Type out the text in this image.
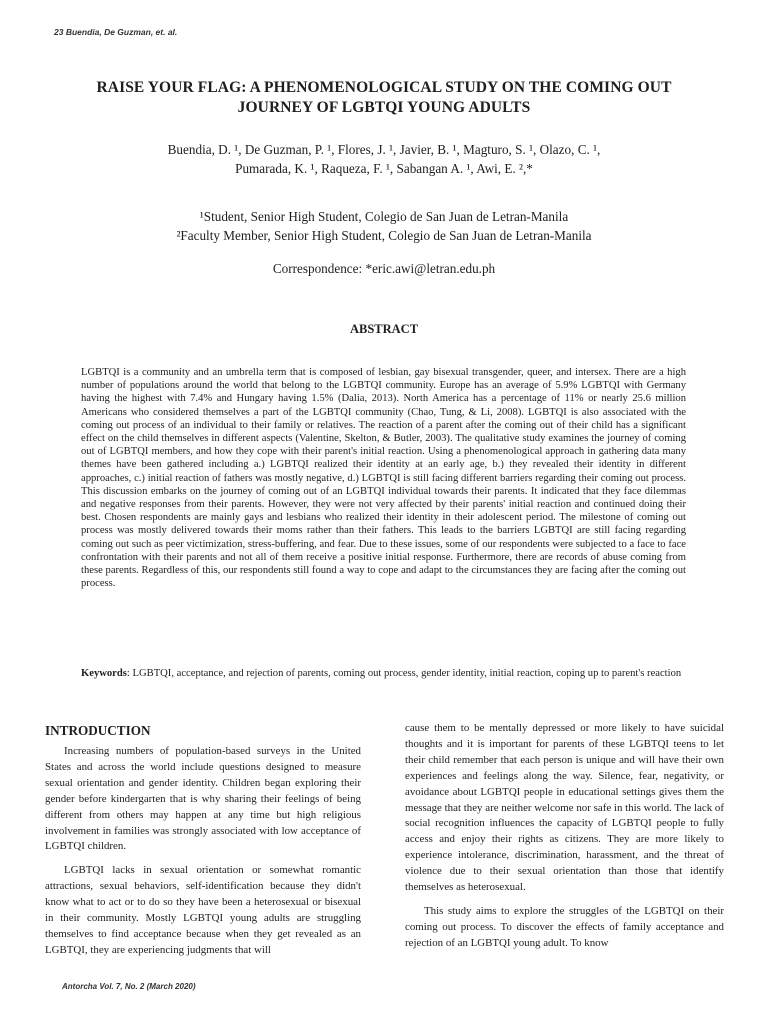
23 Buendia, De Guzman, et. al.
RAISE YOUR FLAG: A PHENOMENOLOGICAL STUDY ON THE COMING OUT
JOURNEY OF LGBTQI YOUNG ADULTS
Buendia, D. ¹, De Guzman, P. ¹, Flores, J. ¹, Javier, B. ¹, Magturo, S. ¹, Olazo, C. ¹,
Pumarada, K. ¹, Raqueza, F. ¹, Sabangan A. ¹, Awi, E. ²,*
¹Student, Senior High Student, Colegio de San Juan de Letran-Manila
²Faculty Member, Senior High Student, Colegio de San Juan de Letran-Manila
Correspondence: *eric.awi@letran.edu.ph
ABSTRACT
LGBTQI is a community and an umbrella term that is composed of lesbian, gay bisexual transgender, queer, and intersex. There are a high number of populations around the world that belong to the LGBTQI community. Europe has an average of 5.9% LGBTQI with Germany having the highest with 7.4% and Hungary having 1.5% (Dalia, 2013). North America has a percentage of 11% or nearly 25.6 million Americans who considered themselves a part of the LGBTQI community (Chao, Tung, & Li, 2008). LGBTQI is also associated with the coming out process of an individual to their family or relatives. The reaction of a parent after the coming out of their child has a significant effect on the child themselves in different aspects (Valentine, Skelton, & Butler, 2003). The qualitative study examines the journey of coming out of LGBTQI members, and how they cope with their parent's initial reaction. Using a phenomenological approach in gathering data many themes have been gathered including a.) LGBTQI realized their identity at an early age, b.) they revealed their identity in different approaches, c.) initial reaction of fathers was mostly negative, d.) LGBTQI is still facing different barriers regarding their coming out process. This discussion embarks on the journey of coming out of an LGBTQI individual towards their parents. It indicated that they face dilemmas and negative responses from their parents. However, they were not very affected by their parents' initial reaction and continued doing their best. Chosen respondents are mainly gays and lesbians who realized their identity in their adolescent period. The milestone of coming out process was mostly delivered towards their moms rather than their fathers. This leads to the barriers LGBTQI are still facing regarding coming out such as peer victimization, stress-buffering, and fear. Due to these issues, some of our respondents were subjected to a face to face confrontation with their parents and not all of them receive a positive initial response. Furthermore, there are records of abuse coming from these parents. Regardless of this, our respondents still found a way to cope and adapt to the circumstances they are facing after the coming out process.
Keywords: LGBTQI, acceptance, and rejection of parents, coming out process, gender identity, initial reaction, coping up to parent's reaction
INTRODUCTION

Increasing numbers of population-based surveys in the United States and across the world include questions designed to measure sexual orientation and gender identity. Children began exploring their gender before kindergarten that is why sharing their feelings of being different from others may happen at any time but high religious involvement in families was strongly associated with low acceptance of LGBTQI children.

LGBTQI lacks in sexual orientation or somewhat romantic attractions, sexual behaviors, self-identification because they didn't know what to act or to do so they have been a heterosexual or bisexual in their community. Mostly LGBTQI young adults are struggling themselves to find acceptance because when they get revealed as an LGBTQI, they are experiencing judgments that will

cause them to be mentally depressed or more likely to have suicidal thoughts and it is important for parents of these LGBTQI teens to let their child remember that each person is unique and will have their own experiences and feelings along the way. Silence, fear, negativity, or avoidance about LGBTQI people in educational settings gives them the message that they are neither welcome nor safe in this world. The lack of social recognition influences the capacity of LGBTQI people to fully access and enjoy their rights as citizens. They are more likely to experience intolerance, discrimination, harassment, and the threat of violence due to their sexual orientation than those that identify themselves as heterosexual.

This study aims to explore the struggles of the LGBTQI on their coming out process. To discover the effects of family acceptance and rejection of an LGBTQI young adult. To know

Antorcha Vol. 7, No. 2 (March 2020)
